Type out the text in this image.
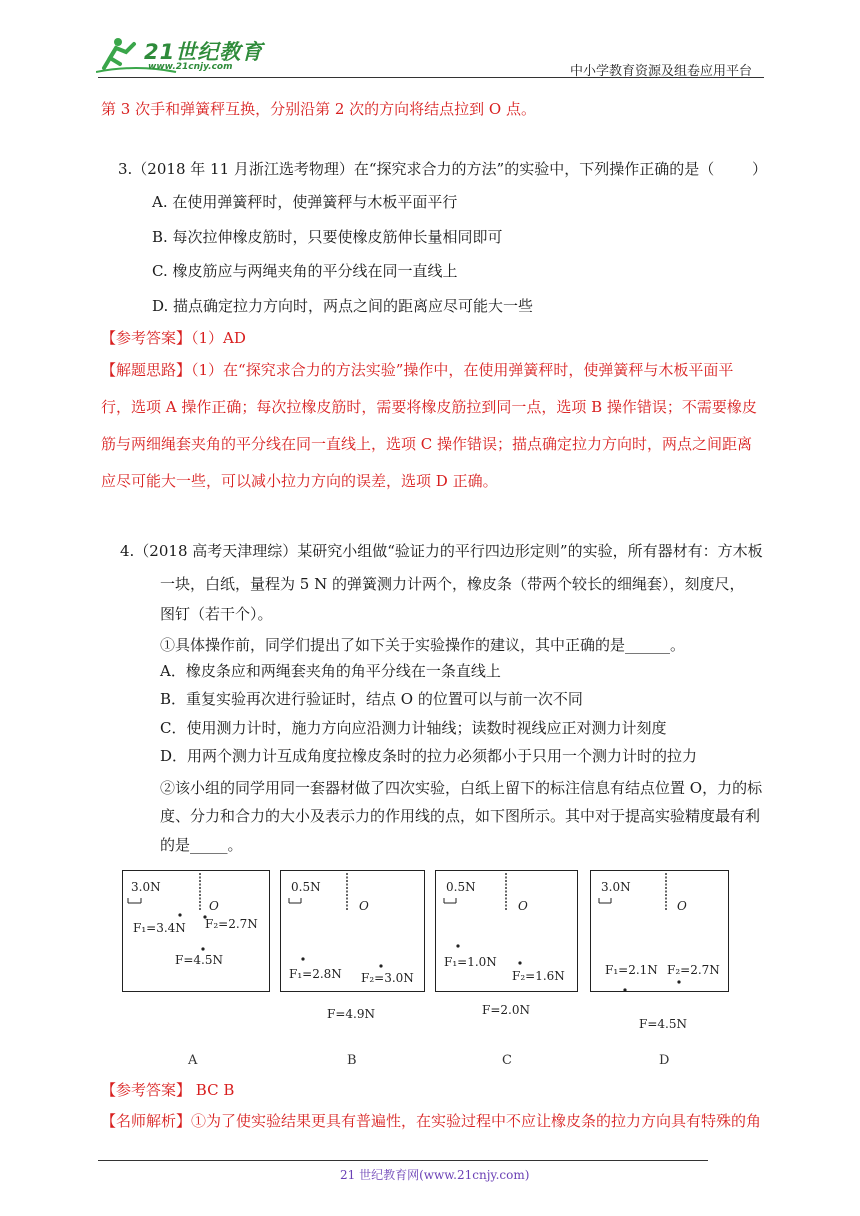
21世纪教育
www.21cnjy.com	中小学教育资源及组卷应用平台
第 3 次手和弹簧秤互换，分别沿第 2 次的方向将结点拉到 O 点。
3.（2018 年 11 月浙江选考物理）在“探究求合力的方法”的实验中，下列操作正确的是（	）
A. 在使用弹簧秤时，使弹簧秤与木板平面平行
B. 每次拉伸橡皮筋时，只要使橡皮筋伸长量相同即可
C. 橡皮筋应与两绳夹角的平分线在同一直线上
D. 描点确定拉力方向时，两点之间的距离应尽可能大一些
【参考答案】（1）AD
【解题思路】（1）在“探究求合力的方法实验”操作中，在使用弹簧秤时，使弹簧秤与木板平面平
行，选项 A 操作正确；每次拉橡皮筋时，需要将橡皮筋拉到同一点，选项 B 操作错误；不需要橡皮
筋与两细绳套夹角的平分线在同一直线上，选项 C 操作错误；描点确定拉力方向时，两点之间距离
应尽可能大一些，可以减小拉力方向的误差，选项 D 正确。
4.（2018 高考天津理综）某研究小组做“验证力的平行四边形定则”的实验，所有器材有：方木板
一块，白纸，量程为 5 N 的弹簧测力计两个，橡皮条（带两个较长的细绳套），刻度尺，
图钉（若干个）。
①具体操作前，同学们提出了如下关于实验操作的建议，其中正确的是______。
A．橡皮条应和两绳套夹角的角平分线在一条直线上
B．重复实验再次进行验证时，结点 O 的位置可以与前一次不同
C．使用测力计时，施力方向应沿测力计轴线；读数时视线应正对测力计刻度
D．用两个测力计互成角度拉橡皮条时的拉力必须都小于只用一个测力计时的拉力
②该小组的同学用同一套器材做了四次实验，白纸上留下的标注信息有结点位置 O，力的标
度、分力和合力的大小及表示力的作用线的点，如下图所示。其中对于提高实验精度最有利
的是_____。
3.0N
O
F₁=3.4N F₂=2.7N
F=4.5N
0.5N
O
F₁=2.8N F₂=3.0N
F=4.9N
0.5N
O
F₁=1.0N
F₂=1.6N
F=2.0N
3.0N
O
F₁=2.1N F₂=2.7N
F=4.5N
A	B	C	D
【参考答案】 BC B
【名师解析】①为了使实验结果更具有普遍性，在实验过程中不应让橡皮条的拉力方向具有特殊的角
21 世纪教育网(www.21cnjy.com)
